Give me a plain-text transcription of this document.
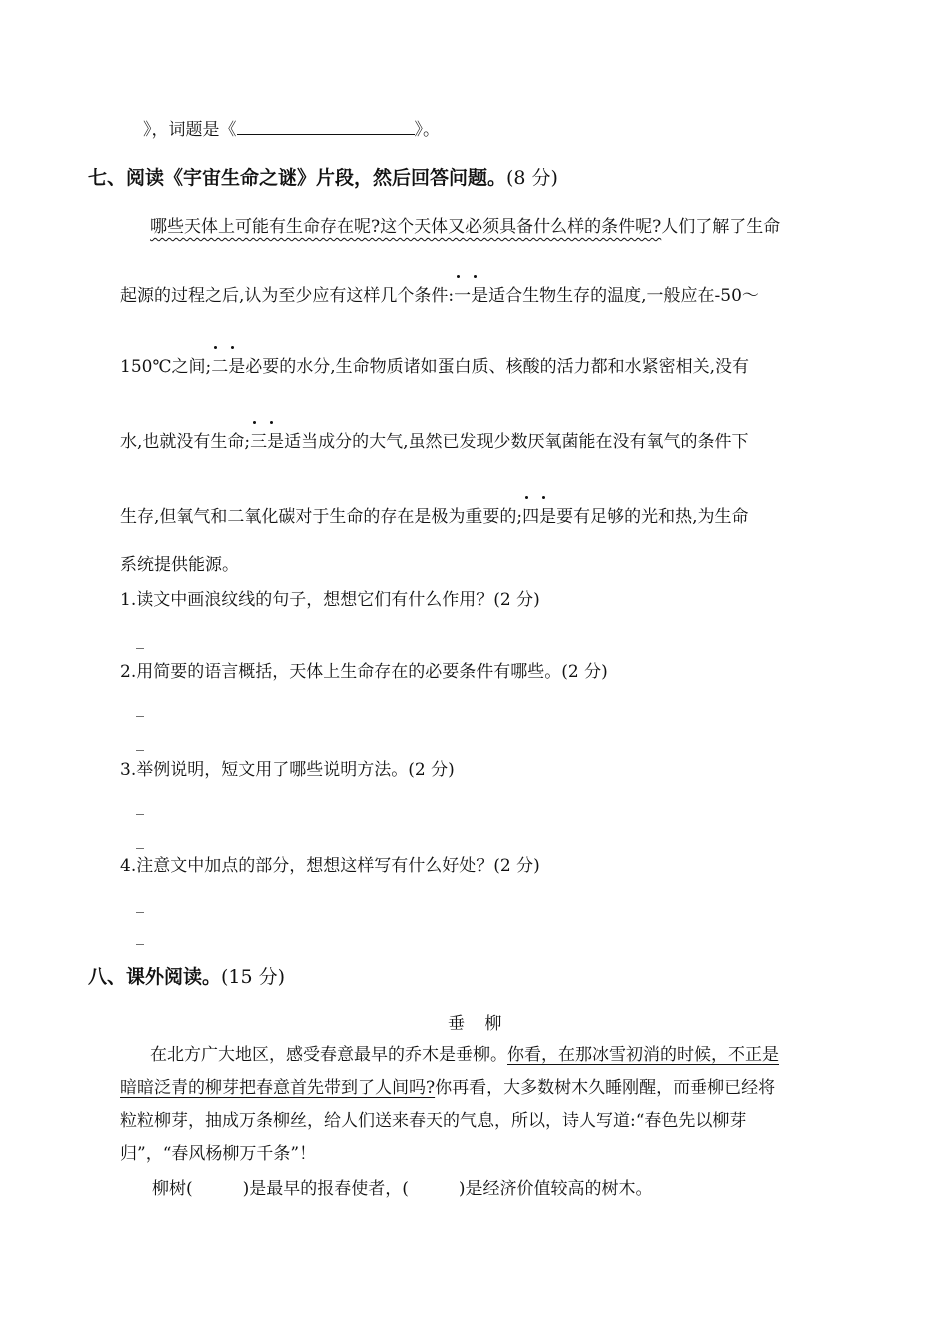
》，词题是《	》。
七、阅读《宇宙生命之谜》片段，然后回答问题。(8 分)
哪些天体上可能有生命存在呢?这个天体又必须具备什么样的条件呢?人们了解了生命
起源的过程之后,认为至少应有这样几个条件:一是适合生物生存的温度,一般应在-50～
150℃之间;二是必要的水分,生命物质诸如蛋白质、核酸的活力都和水紧密相关,没有
水,也就没有生命;三是适当成分的大气,虽然已发现少数厌氧菌能在没有氧气的条件下
生存,但氧气和二氧化碳对于生命的存在是极为重要的;四是要有足够的光和热,为生命
系统提供能源。
1.读文中画浪纹线的句子，想想它们有什么作用？(2 分)
_
2.用简要的语言概括，天体上生命存在的必要条件有哪些。(2 分)
_
_
3.举例说明，短文用了哪些说明方法。(2 分)
_
_
4.注意文中加点的部分，想想这样写有什么好处？(2 分)
_
_
八、课外阅读。(15 分)
垂 柳
在北方广大地区，感受春意最早的乔木是垂柳。你看，在那冰雪初消的时候，不正是
暗暗泛青的柳芽把春意首先带到了人间吗?你再看，大多数树木久睡刚醒，而垂柳已经将
粒粒柳芽，抽成万条柳丝，给人们送来春天的气息，所以，诗人写道:“春色先以柳芽
归”，“春风杨柳万千条”！
柳树(	)是最早的报春使者，(	)是经济价值较高的树木。
